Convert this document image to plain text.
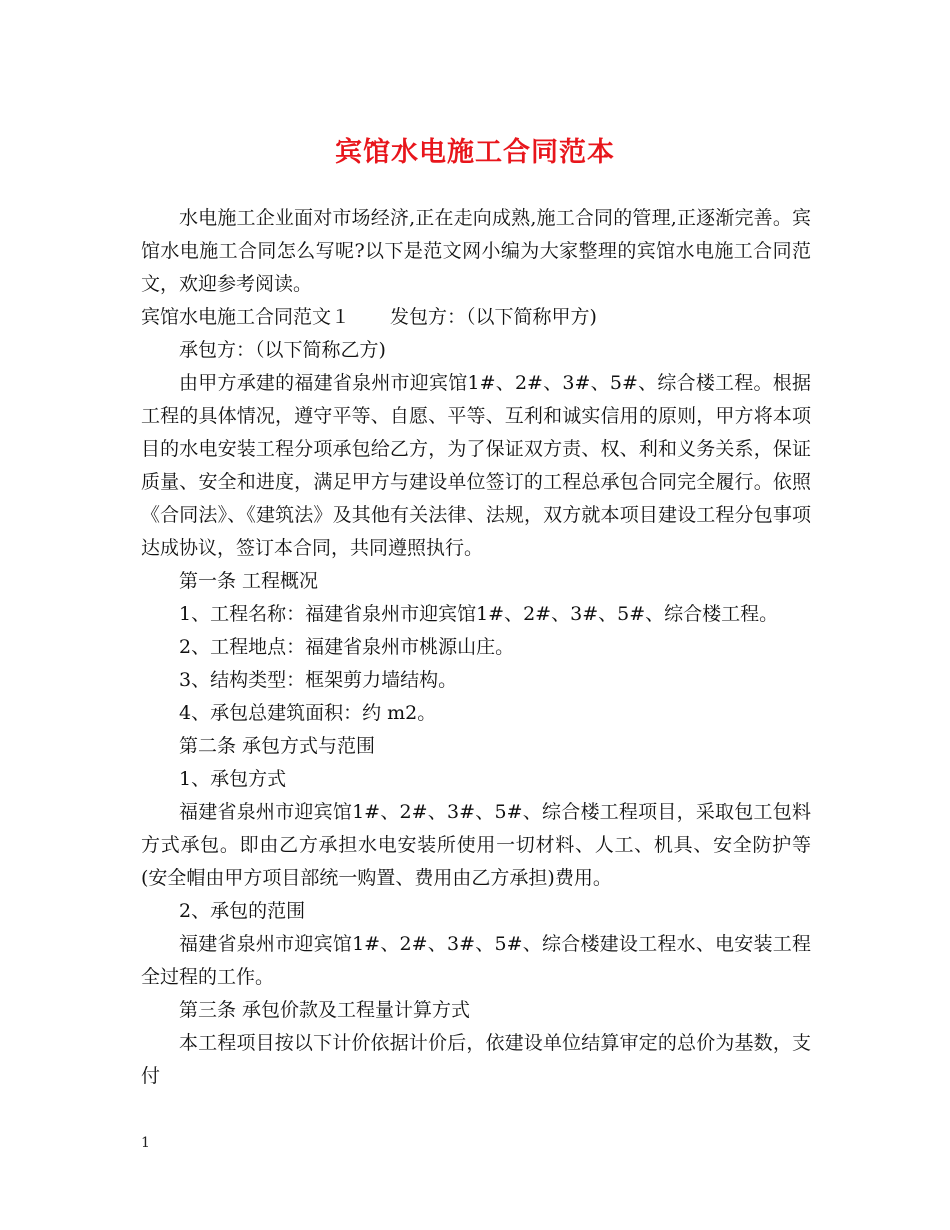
宾馆水电施工合同范本

水电施工企业面对市场经济,正在走向成熟,施工合同的管理,正逐渐完善。宾馆水电施工合同怎么写呢?以下是范文网小编为大家整理的宾馆水电施工合同范文，欢迎参考阅读。

宾馆水电施工合同范文１ 发包方：（以下简称甲方)

承包方：（以下简称乙方)

由甲方承建的福建省泉州市迎宾馆1#、2#、3#、5#、综合楼工程。根据工程的具体情况，遵守平等、自愿、平等、互利和诚实信用的原则，甲方将本项目的水电安装工程分项承包给乙方，为了保证双方责、权、利和义务关系，保证质量、安全和进度，满足甲方与建设单位签订的工程总承包合同完全履行。依照《合同法》、《建筑法》及其他有关法律、法规，双方就本项目建设工程分包事项达成协议，签订本合同，共同遵照执行。

第一条 工程概况

1、工程名称：福建省泉州市迎宾馆1#、2#、3#、5#、综合楼工程。

2、工程地点：福建省泉州市桃源山庄。

3、结构类型：框架剪力墙结构。

4、承包总建筑面积：约 m2。

第二条 承包方式与范围

1、承包方式

福建省泉州市迎宾馆1#、2#、3#、5#、综合楼工程项目，采取包工包料方式承包。即由乙方承担水电安装所使用一切材料、人工、机具、安全防护等(安全帽由甲方项目部统一购置、费用由乙方承担)费用。

2、承包的范围

福建省泉州市迎宾馆1#、2#、3#、5#、综合楼建设工程水、电安装工程全过程的工作。

第三条 承包价款及工程量计算方式

本工程项目按以下计价依据计价后，依建设单位结算审定的总价为基数，支付

1
